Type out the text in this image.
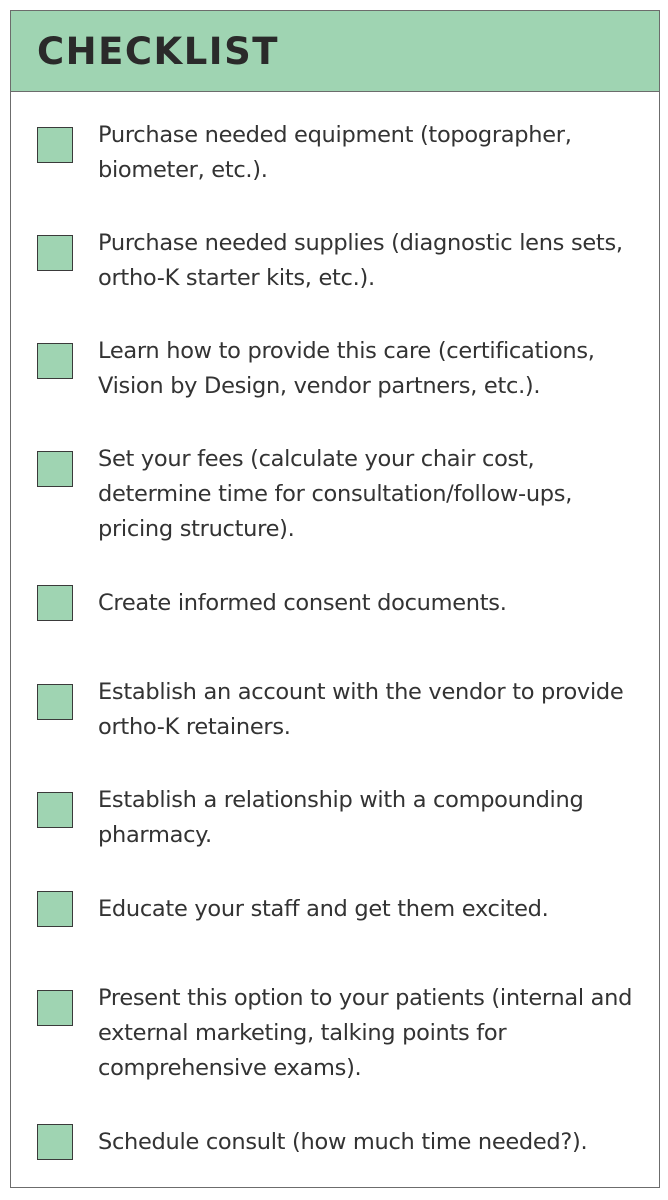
CHECKLIST
Purchase needed equipment (topographer, biometer, etc.).
Purchase needed supplies (diagnostic lens sets, ortho-K starter kits, etc.).
Learn how to provide this care (certifications, Vision by Design, vendor partners, etc.).
Set your fees (calculate your chair cost, determine time for consultation/follow-ups, pricing structure).
Create informed consent documents.
Establish an account with the vendor to provide ortho-K retainers.
Establish a relationship with a compounding pharmacy.
Educate your staff and get them excited.
Present this option to your patients (internal and external marketing, talking points for comprehensive exams).
Schedule consult (how much time needed?).
